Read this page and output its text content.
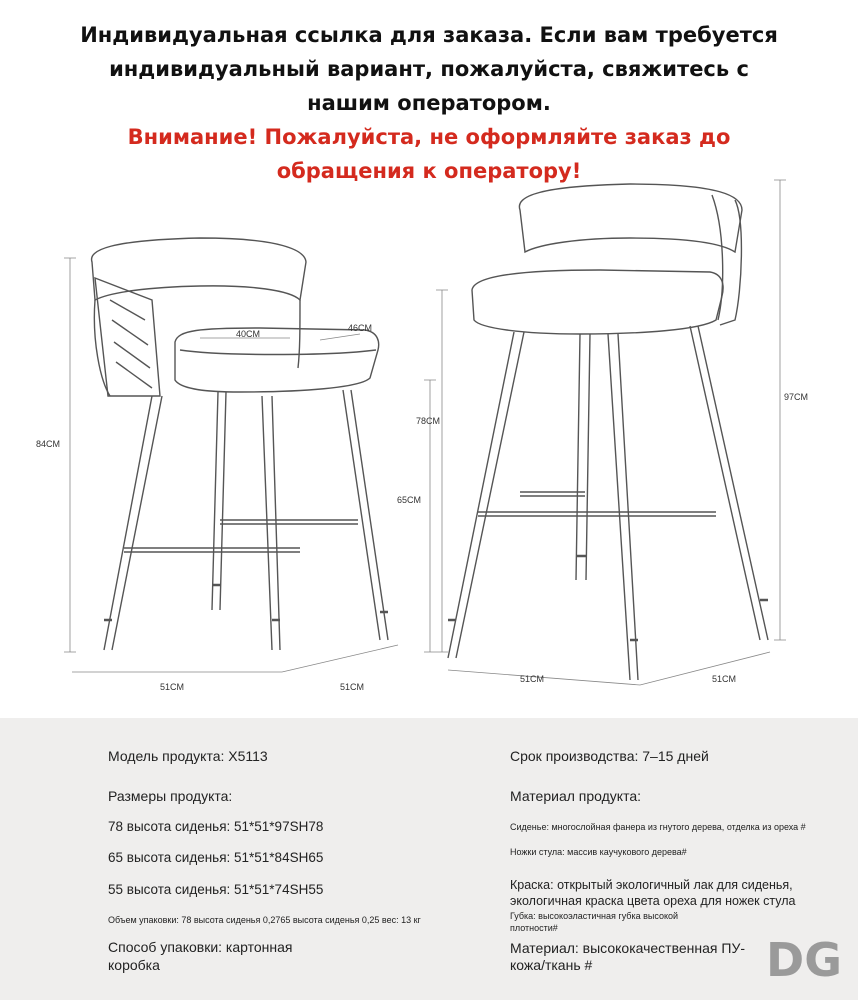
40CM
46CM
84CM
65CM
51CM	51CM
78CM
97CM
51CM	51CM
Индивидуальная ссылка для заказа. Если вам требуется
индивидуальный вариант, пожалуйста, свяжитесь с
нашим оператором.
Внимание! Пожалуйста, не оформляйте заказ до
обращения к оператору!
Модель продукта: X5113
Размеры продукта:
78 высота сиденья: 51*51*97SH78
65 высота сиденья: 51*51*84SH65
55 высота сиденья: 51*51*74SH55
Объем упаковки: 78 высота сиденья 0,2765 высота сиденья 0,25 вес: 13 кг
Способ упаковки: картонная коробка
Срок производства: 7–15 дней
Материал продукта:
Сиденье: многослойная фанера из гнутого дерева, отделка из ореха #
Ножки стула: массив каучукового дерева#
Краска: открытый экологичный лак для сиденья, экологичная краска цвета ореха для ножек стула
Губка: высокоэластичная губка высокой плотности#
Материал: высококачественная ПУ-кожа/ткань #	DG
